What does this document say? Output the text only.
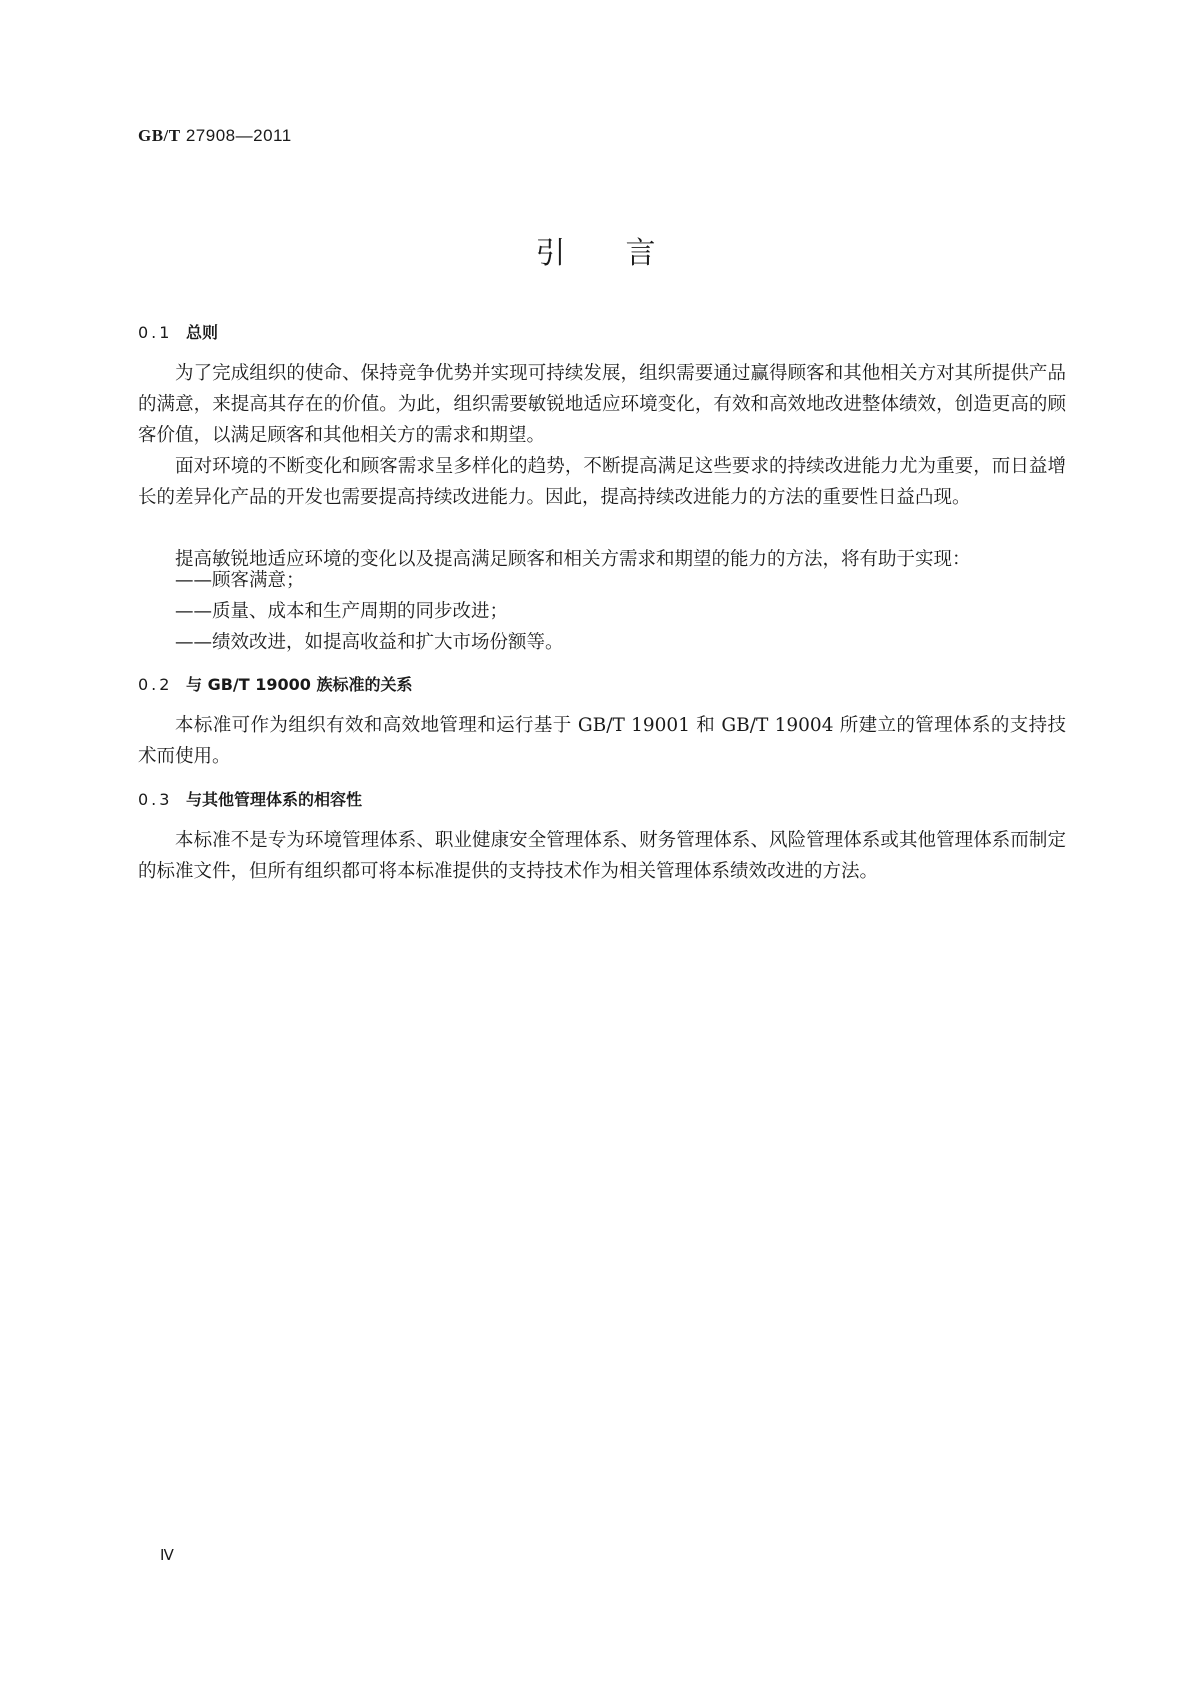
GB/T 27908—2011
引言
0.1 总则
为了完成组织的使命、保持竞争优势并实现可持续发展，组织需要通过赢得顾客和其他相关方对其所提供产品的满意，来提高其存在的价值。为此，组织需要敏锐地适应环境变化，有效和高效地改进整体绩效，创造更高的顾客价值，以满足顾客和其他相关方的需求和期望。
面对环境的不断变化和顾客需求呈多样化的趋势，不断提高满足这些要求的持续改进能力尤为重要，而日益增长的差异化产品的开发也需要提高持续改进能力。因此，提高持续改进能力的方法的重要性日益凸现。
提高敏锐地适应环境的变化以及提高满足顾客和相关方需求和期望的能力的方法，将有助于实现：
——顾客满意；
——质量、成本和生产周期的同步改进；
——绩效改进，如提高收益和扩大市场份额等。
0.2 与 GB/T 19000 族标准的关系
本标准可作为组织有效和高效地管理和运行基于 GB/T 19001 和 GB/T 19004 所建立的管理体系的支持技术而使用。
0.3 与其他管理体系的相容性
本标准不是专为环境管理体系、职业健康安全管理体系、财务管理体系、风险管理体系或其他管理体系而制定的标准文件，但所有组织都可将本标准提供的支持技术作为相关管理体系绩效改进的方法。
Ⅳ
